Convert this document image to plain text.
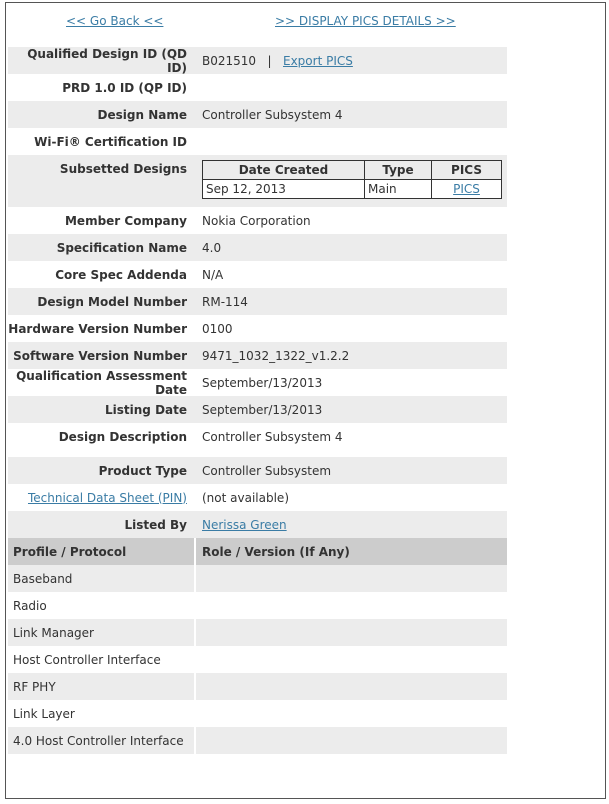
<< Go Back <<	>> DISPLAY PICS DETAILS >>
Qualified Design ID (QD ID)	B021510 | Export PICS
PRD 1.0 ID (QP ID)
Design Name	Controller Subsystem 4
Wi-Fi® Certification ID
Subsetted Designs	Date Created	Type	PICS
Sep 12, 2013	Main	PICS
Member Company	Nokia Corporation
Specification Name	4.0
Core Spec Addenda	N/A
Design Model Number	RM-114
Hardware Version Number	0100
Software Version Number	9471_1032_1322_v1.2.2
Qualification Assessment Date	September/13/2013
Listing Date	September/13/2013
Design Description	Controller Subsystem 4
Product Type	Controller Subsystem
Technical Data Sheet (PIN)	(not available)
Listed By	Nerissa Green
Profile / Protocol	Role / Version (If Any)
Baseband
Radio
Link Manager
Host Controller Interface
RF PHY
Link Layer
4.0 Host Controller Interface
